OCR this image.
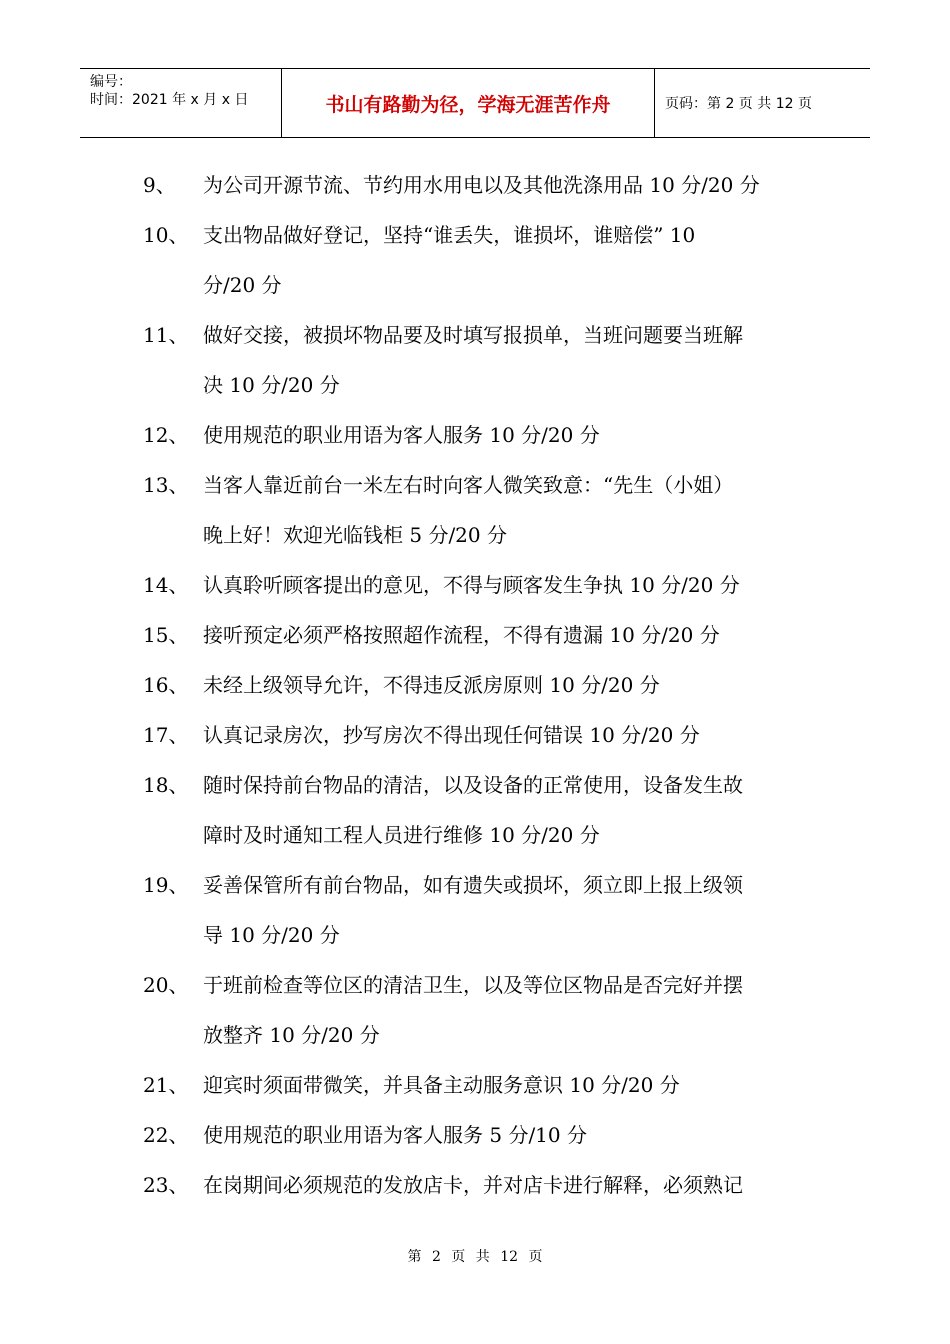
编号：
时间：2021 年 x 月 x 日	书山有路勤为径，学海无涯苦作舟	页码：第 2 页 共 12 页
9、	为公司开源节流、节约用水用电以及其他洗涤用品 10 分/20 分
10、 支出物品做好登记，坚持“谁丢失，谁损坏，谁赔偿” 10
分/20 分
11、 做好交接，被损坏物品要及时填写报损单，当班问题要当班解
决 10 分/20 分
12、 使用规范的职业用语为客人服务 10 分/20 分
13、 当客人靠近前台一米左右时向客人微笑致意：“先生（小姐）
晚上好！欢迎光临钱柜 5 分/20 分
14、 认真聆听顾客提出的意见，不得与顾客发生争执 10 分/20 分
15、 接听预定必须严格按照超作流程，不得有遗漏 10 分/20 分
16、 未经上级领导允许，不得违反派房原则 10 分/20 分
17、 认真记录房次，抄写房次不得出现任何错误 10 分/20 分
18、 随时保持前台物品的清洁，以及设备的正常使用，设备发生故
障时及时通知工程人员进行维修 10 分/20 分
19、 妥善保管所有前台物品，如有遗失或损坏，须立即上报上级领
导 10 分/20 分
20、 于班前检查等位区的清洁卫生，以及等位区物品是否完好并摆
放整齐 10 分/20 分
21、 迎宾时须面带微笑，并具备主动服务意识 10 分/20 分
22、 使用规范的职业用语为客人服务 5 分/10 分
23、 在岗期间必须规范的发放店卡，并对店卡进行解释，必须熟记
第 2 页 共 12 页
